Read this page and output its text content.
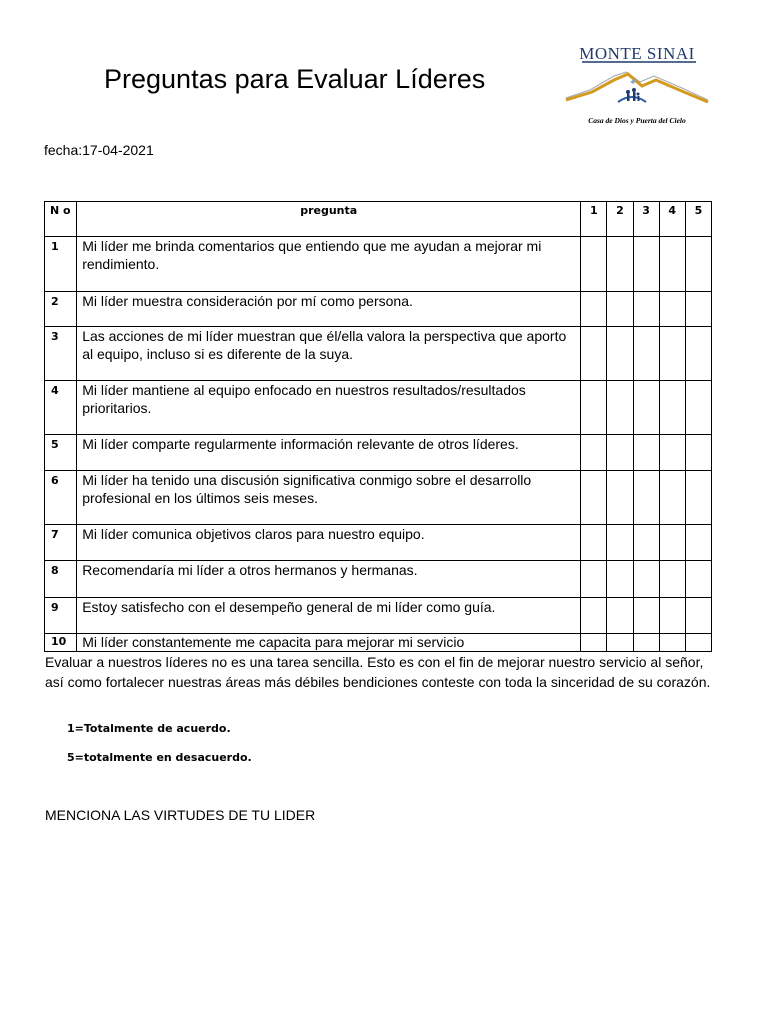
Preguntas para Evaluar Líderes
MONTE SINAI
Casa de Dios y Puerta del Cielo
fecha:17-04-2021
N o	pregunta	1	2	3	4	5
1	Mi líder me brinda comentarios que entiendo que me ayudan a mejorar mi rendimiento.					
2	Mi líder muestra consideración por mí como persona.					
3	Las acciones de mi líder muestran que él/ella valora la perspectiva que aporto al equipo, incluso si es diferente de la suya.					
4	Mi líder mantiene al equipo enfocado en nuestros resultados/resultados prioritarios.					
5	Mi líder comparte regularmente información relevante de otros líderes.					
6	Mi líder ha tenido una discusión significativa conmigo sobre el desarrollo profesional en los últimos seis meses.					
7	Mi líder comunica objetivos claros para nuestro equipo.					
8	Recomendaría mi líder a otros hermanos y hermanas.					
9	Estoy satisfecho con el desempeño general de mi líder como guía.					
10	Mi líder constantemente me capacita para mejorar mi servicio					
Evaluar a nuestros líderes no es una tarea sencilla. Esto es con el fin de mejorar nuestro servicio al señor, así como fortalecer nuestras áreas más débiles bendiciones conteste con toda la sinceridad de su corazón.
1=Totalmente de acuerdo.
5=totalmente en desacuerdo.
MENCIONA LAS VIRTUDES DE TU LIDER
